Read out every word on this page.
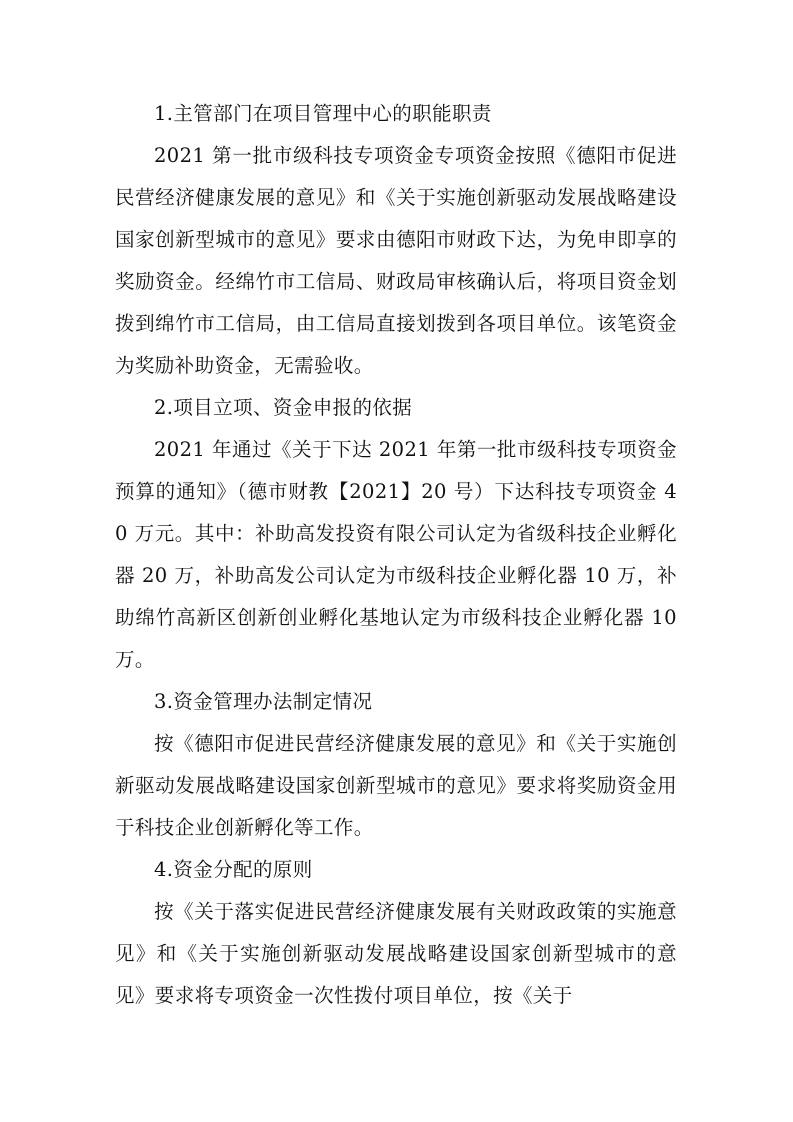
1.主管部门在项目管理中心的职能职责

2021 第一批市级科技专项资金专项资金按照《德阳市促进民营经济健康发展的意见》和《关于实施创新驱动发展战略建设国家创新型城市的意见》要求由德阳市财政下达，为免申即享的奖励资金。经绵竹市工信局、财政局审核确认后，将项目资金划拨到绵竹市工信局，由工信局直接划拨到各项目单位。该笔资金为奖励补助资金，无需验收。

2.项目立项、资金申报的依据

2021 年通过《关于下达 2021 年第一批市级科技专项资金预算的通知》（德市财教【2021】20 号）下达科技专项资金 40 万元。其中：补助高发投资有限公司认定为省级科技企业孵化器 20 万，补助高发公司认定为市级科技企业孵化器 10 万，补助绵竹高新区创新创业孵化基地认定为市级科技企业孵化器 10 万。

3.资金管理办法制定情况

按《德阳市促进民营经济健康发展的意见》和《关于实施创新驱动发展战略建设国家创新型城市的意见》要求将奖励资金用于科技企业创新孵化等工作。

4.资金分配的原则

按《关于落实促进民营经济健康发展有关财政政策的实施意见》和《关于实施创新驱动发展战略建设国家创新型城市的意见》要求将专项资金一次性拨付项目单位，按《关于
